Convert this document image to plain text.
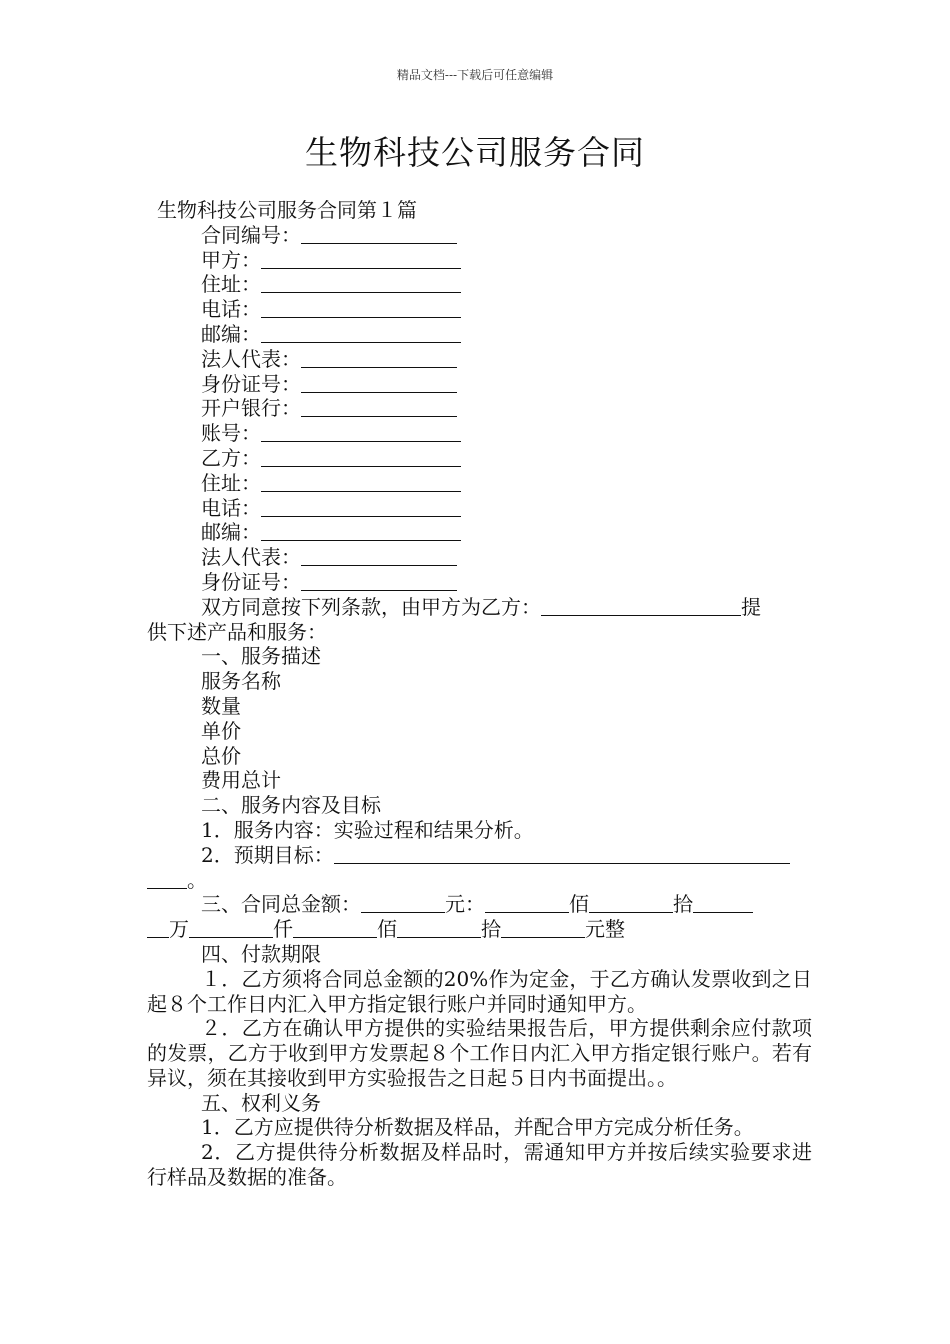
精品文档---下载后可任意编辑
生物科技公司服务合同
生物科技公司服务合同第１篇
合同编号：
甲方：
住址：
电话：
邮编：
法人代表：
身份证号：
开户银行：
账号：
乙方：
住址：
电话：
邮编：
法人代表：
身份证号：
双方同意按下列条款，由甲方为乙方：	提
供下述产品和服务：
一、服务描述
服务名称
数量
单价
总价
费用总计
二、服务内容及目标
1．服务内容：实验过程和结果分析。
2．预期目标：
。
三、合同总金额：	元：	佰	拾
万	仟	佰	拾	元整
四、付款期限
１．乙方须将合同总金额的20%作为定金，于乙方确认发票收到之日起８个工作日内汇入甲方指定银行账户并同时通知甲方。
２．乙方在确认甲方提供的实验结果报告后，甲方提供剩余应付款项的发票，乙方于收到甲方发票起８个工作日内汇入甲方指定银行账户。若有异议，须在其接收到甲方实验报告之日起５日内书面提出。。
五、权利义务
1．乙方应提供待分析数据及样品，并配合甲方完成分析任务。
2．乙方提供待分析数据及样品时，需通知甲方并按后续实验要求进行样品及数据的准备。
